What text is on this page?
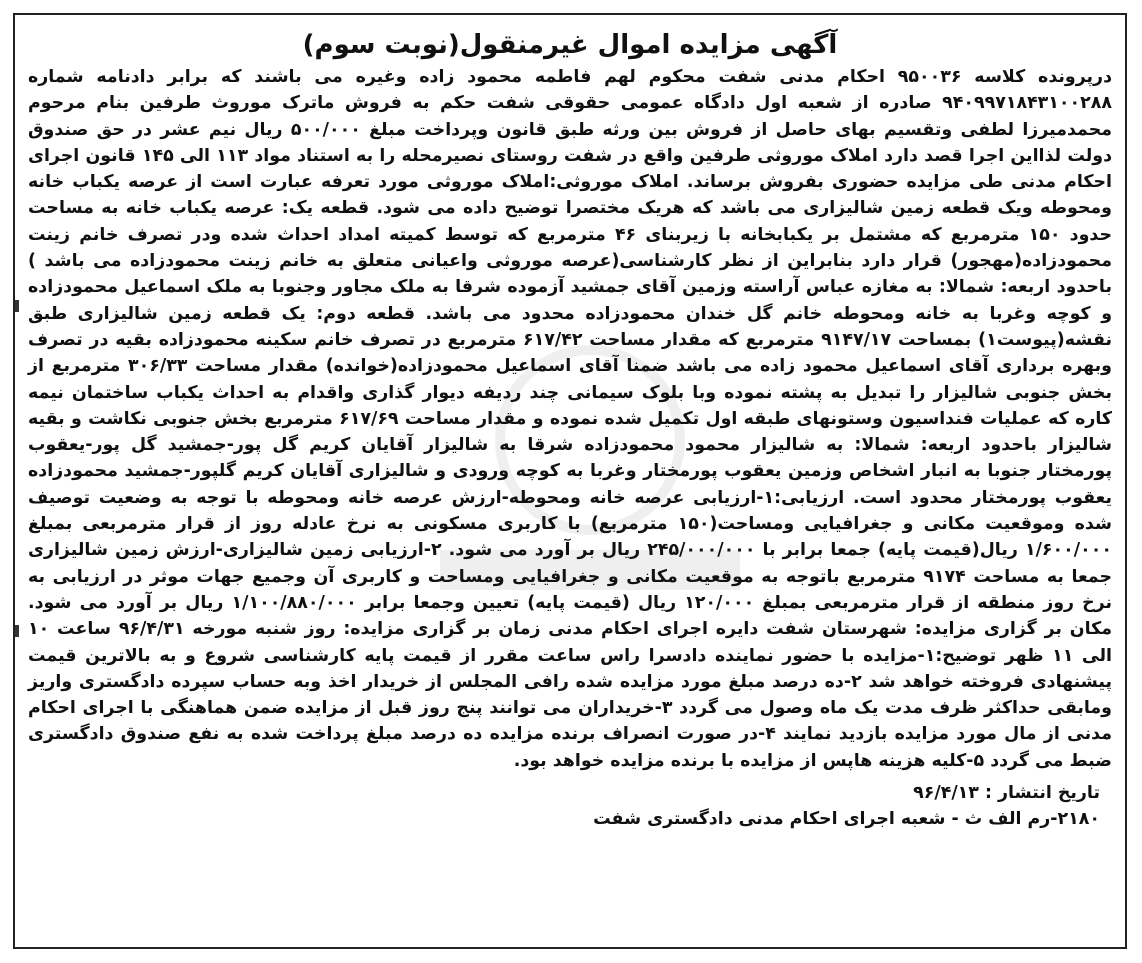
آگهی مزایده اموال غیرمنقول(نوبت سوم)

درپرونده کلاسه ۹۵۰۰۳۶ احکام مدنی شفت محکوم لهم فاطمه محمود زاده وغیره می باشند که برابر دادنامه شماره ۹۴۰۹۹۷۱۸۴۳۱۰۰۲۸۸ صادره از شعبه اول دادگاه عمومی حقوقی شفت حکم به فروش ماترک موروث طرفین بنام مرحوم محمدمیرزا لطفی وتقسیم بهای حاصل از فروش بین ورثه طبق قانون وپرداخت مبلغ ۵۰۰/۰۰۰ ریال نیم عشر در حق صندوق دولت لذااین اجرا قصد دارد املاک موروثی طرفین واقع در شفت روستای نصیرمحله را به استناد مواد ۱۱۳ الی ۱۴۵ قانون اجرای احکام مدنی طی مزایده حضوری بفروش برساند. املاک موروثی:املاک موروثی مورد تعرفه عبارت است از عرصه یکباب خانه ومحوطه ویک قطعه زمین شالیزاری می باشد که هریک مختصرا توضیح داده می شود. قطعه یک: عرصه یکباب خانه به مساحت حدود ۱۵۰ مترمربع که مشتمل بر یکبابخانه با زیربنای ۴۶ مترمربع که توسط کمیته امداد احداث شده ودر تصرف خانم زینت محمودزاده(مهجور) قرار دارد بنابراین از نظر کارشناسی(عرصه موروثی واعیانی متعلق به خانم زینت محمودزاده می باشد ) باحدود اربعه: شمالا: به مغازه عباس آراسته وزمین آقای جمشید آزموده شرقا به ملک مجاور وجنوبا به ملک اسماعیل محمودزاده و کوچه وغربا به خانه ومحوطه خانم گل خندان محمودزاده محدود می باشد. قطعه دوم: یک قطعه زمین شالیزاری طبق نقشه(پیوست۱) بمساحت ۹۱۴۷/۱۷ مترمربع که مقدار مساحت ۶۱۷/۴۲ مترمربع در تصرف خانم سکینه محمودزاده بقیه در تصرف وبهره برداری آقای اسماعیل محمود زاده می باشد ضمنا آقای اسماعیل محمودزاده(خوانده) مقدار مساحت ۳۰۶/۳۳ مترمربع از بخش جنوبی شالیزار را تبدیل به پشته نموده وبا بلوک سیمانی چند ردیفه دیوار گذاری واقدام به احداث یکباب ساختمان نیمه کاره که عملیات فنداسیون وستونهای طبقه اول تکمیل شده نموده و مقدار مساحت ۶۱۷/۶۹ مترمربع بخش جنوبی نکاشت و بقیه شالیزار باحدود اربعه: شمالا: به شالیزار محمود محمودزاده شرقا به شالیزار آقایان کریم گل پور-جمشید گل پور-یعقوب پورمختار جنوبا به انبار اشخاص وزمین یعقوب پورمختار وغربا به کوچه ورودی و شالیزاری آقایان کریم گلپور-جمشید محمودزاده یعقوب پورمختار محدود است. ارزیابی:۱-ارزیابی عرصه خانه ومحوطه-ارزش عرصه خانه ومحوطه با توجه به وضعیت توصیف شده وموقعیت مکانی و جغرافیایی ومساحت(۱۵۰ مترمربع) با کاربری مسکونی به نرخ عادله روز از قرار مترمربعی بمبلغ ۱/۶۰۰/۰۰۰ ریال(قیمت پایه) جمعا برابر با ۲۴۵/۰۰۰/۰۰۰ ریال بر آورد می شود. ۲-ارزیابی زمین شالیزاری-ارزش زمین شالیزاری جمعا به مساحت ۹۱۷۴ مترمربع باتوجه به موقعیت مکانی و جغرافیایی ومساحت و کاربری آن وجمیع جهات موثر در ارزیابی به نرخ روز منطقه از قرار مترمربعی بمبلغ ۱۲۰/۰۰۰ ریال (قیمت پایه) تعیین وجمعا برابر ۱/۱۰۰/۸۸۰/۰۰۰ ریال بر آورد می شود. مکان بر گزاری مزایده: شهرستان شفت دایره اجرای احکام مدنی زمان بر گزاری مزایده: روز شنبه مورخه ۹۶/۴/۳۱ ساعت ۱۰ الی ۱۱ ظهر توضیح:۱-مزایده با حضور نماینده دادسرا راس ساعت مقرر از قیمت پایه کارشناسی شروع و به بالاترین قیمت پیشنهادی فروخته خواهد شد ۲-ده درصد مبلغ مورد مزایده شده رافی المجلس از خریدار اخذ وبه حساب سپرده دادگستری واریز ومابقی حداکثر ظرف مدت یک ماه وصول می گردد ۳-خریداران می توانند پنج روز قبل از مزایده ضمن هماهنگی با اجرای احکام مدنی از مال مورد مزایده بازدید نمایند ۴-در صورت انصراف برنده مزایده ده درصد مبلغ پرداخت شده به نفع صندوق دادگستری ضبط می گردد ۵-کلیه هزینه هاپس از مزایده با برنده مزایده خواهد بود.

تاریخ انتشار : ۹۶/۴/۱۳
۲۱۸۰-رم الف ث - شعبه اجرای احکام مدنی دادگستری شفت
